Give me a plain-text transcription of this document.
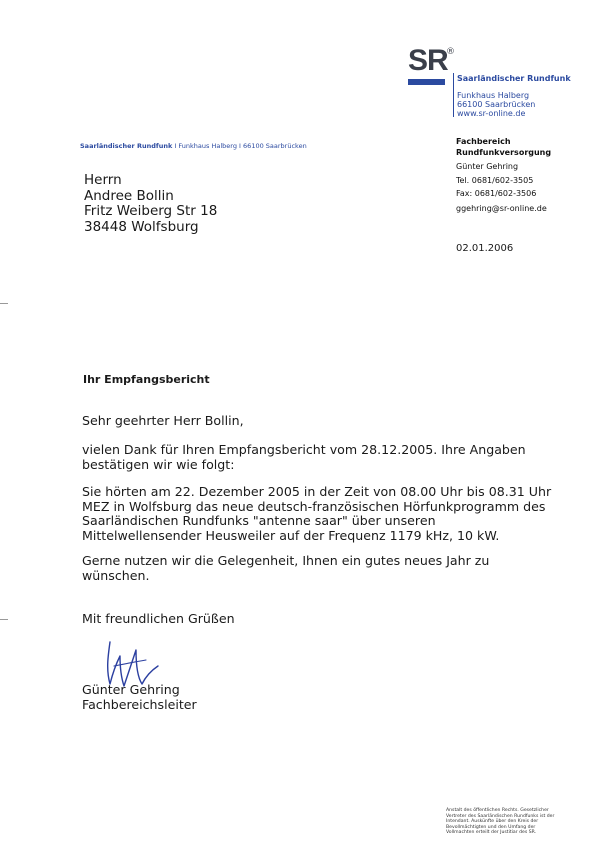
SR
®
Saarländischer Rundfunk
Funkhaus Halberg
66100 Saarbrücken
www.sr-online.de
Saarländischer Rundfunk I Funkhaus Halberg I 66100 Saarbrücken	Fachbereich
Rundfunkversorgung
Günter Gehring
Tel. 0681/602-3505
Fax: 0681/602-3506
ggehring@sr-online.de
Herrn
Andree Bollin
Fritz Weiberg Str 18
38448 Wolfsburg
02.01.2006
Ihr Empfangsbericht
Sehr geehrter Herr Bollin,
vielen Dank für Ihren Empfangsbericht vom 28.12.2005. Ihre Angaben bestätigen wir wie folgt:
Sie hörten am 22. Dezember 2005 in der Zeit von 08.00 Uhr bis 08.31 Uhr MEZ in Wolfsburg das neue deutsch-französischen Hörfunkprogramm des Saarländischen Rundfunks "antenne saar" über unseren Mittelwellensender Heusweiler auf der Frequenz 1179 kHz, 10 kW.
Gerne nutzen wir die Gelegenheit, Ihnen ein gutes neues Jahr zu wünschen.
Mit freundlichen Grüßen
Günter Gehring
Fachbereichsleiter
Anstalt des öffentlichen Rechts. Gesetzlicher Vertreter des Saarländischen Rundfunks ist der Intendant. Auskünfte über den Kreis der Bevollmächtigten und den Umfang der Vollmachten erteilt der Justitiar des SR.
